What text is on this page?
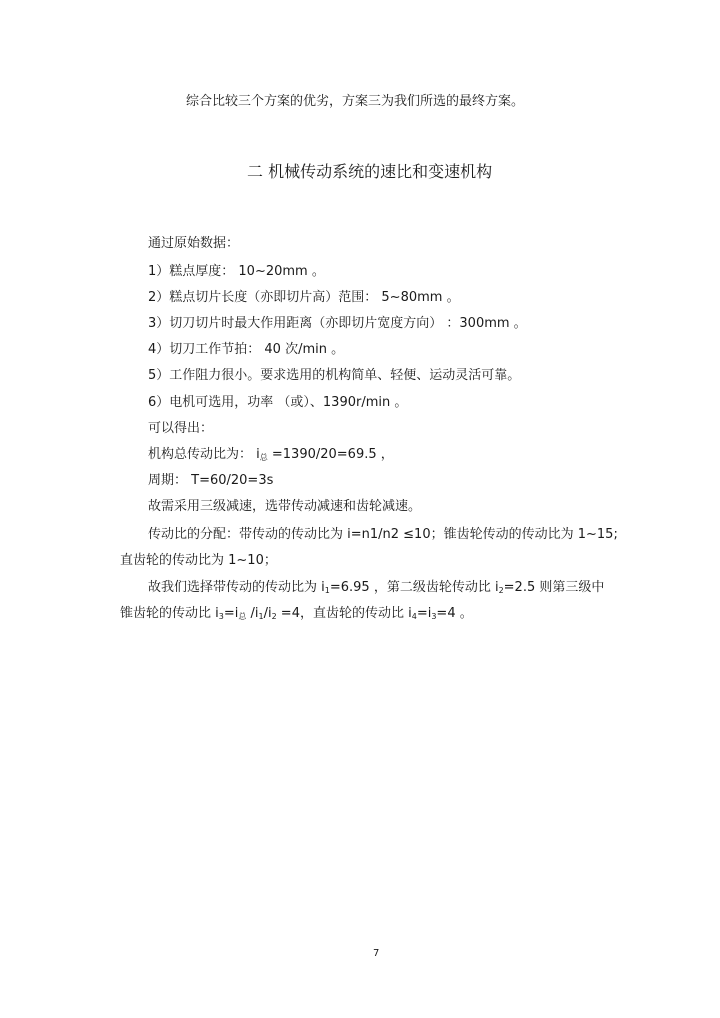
综合比较三个方案的优劣，方案三为我们所选的最终方案。
二 机械传动系统的速比和变速机构
通过原始数据：
1）糕点厚度： 10~20mm 。
2）糕点切片长度（亦即切片高）范围： 5~80mm 。
3）切刀切片时最大作用距离（亦即切片宽度方向） ：300mm 。
4）切刀工作节拍： 40 次/min 。
5）工作阻力很小。要求选用的机构简单、轻便、运动灵活可靠。
6）电机可选用，功率 （或）、1390r/min 。
可以得出：
机构总传动比为： $i_总 =1390/20=69.5$ ，
周期： T=60/20=3s
故需采用三级减速，选带传动减速和齿轮减速。
传动比的分配：带传动的传动比为 i=n1/n2 ≤10；锥齿轮传动的传动比为 1~15;
直齿轮的传动比为 1~10；
故我们选择带传动的传动比为 $i_1=6.95$ ，第二级齿轮传动比 $i_2=2.5$ 则第三级中
锥齿轮的传动比 $i_3=i_总$ $/i_1/i_2 =4$，直齿轮的传动比 $i_4=i_3=4$ 。
7
